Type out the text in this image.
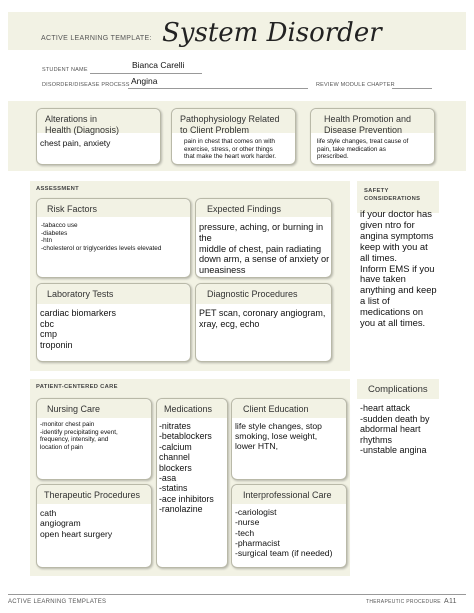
ACTIVE LEARNING TEMPLATE: System Disorder
STUDENT NAME	Bianca Carelli
DISORDER/DISEASE PROCESS Angina	REVIEW MODULE CHAPTER
Alterations in
Health (Diagnosis)
chest pain, anxiety
Pathophysiology Related
to Client Problem
pain in chest that comes on with
exercise, stress, or other things
that make the heart work harder.
Health Promotion and
Disease Prevention
life style changes, treat cause of
pain, take medication as
prescribed.
ASSESSMENT
Risk Factors
-tabacco use
-diabetes
-htn
-cholesterol or triglycerides levels elevated
Expected Findings
pressure, aching, or burning in the
middle of chest, pain radiating
down arm, a sense of anxiety or
uneasiness
Laboratory Tests
cardiac biomarkers
cbc
cmp
troponin
Diagnostic Procedures
PET scan, coronary angiogram,
xray, ecg, echo
SAFETY
CONSIDERATIONS
if your doctor has
given ntro for
angina symptoms
keep with you at
all times.
Inform EMS if you
have taken
anything and keep
a list of
medications on
you at all times.
PATIENT-CENTERED CARE
Nursing Care
-monitor chest pain
-identify precipitating event,
frequency, intensity, and
location of pain
Medications
-nitrates
-betablockers
-calcium
channel
blockers
-asa
-statins
-ace inhibitors
-ranolazine
Client Education
life style changes, stop
smoking, lose weight,
lower HTN,
Therapeutic Procedures
cath
angiogram
open heart surgery
Interprofessional Care
-cariologist
-nurse
-tech
-pharmacist
-surgical team (if needed)
Complications
-heart attack
-sudden death by
abdormal heart
rhythms
-unstable angina
ACTIVE LEARNING TEMPLATES	THERAPEUTIC PROCEDURE A11
